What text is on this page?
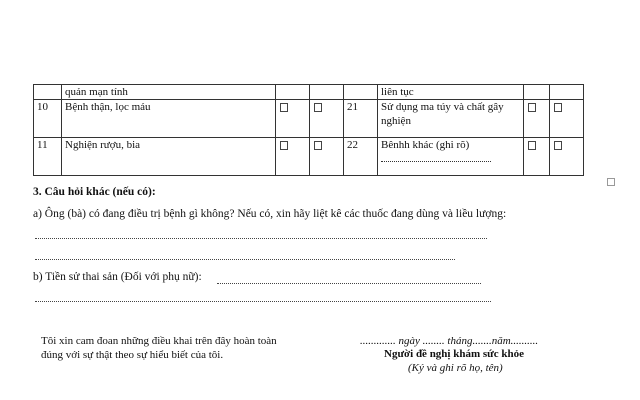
	quản mạn tính				liên tục		
10	Bệnh thận, lọc máu			21	Sử dụng ma túy và chất gây nghiện		
11	Nghiện rượu, bia			22	Bênhh khác (ghi rõ)

3. Câu hỏi khác (nếu có):
a) Ông (bà) có đang điều trị bệnh gì không? Nếu có, xin hãy liệt kê các thuốc đang dùng và liều lượng:
b) Tiền sử thai sản (Đối với phụ nữ):
Tôi xin cam đoan những điều khai trên đây hoàn toàn
đúng với sự thật theo sự hiểu biết của tôi.
............. ngày ........ tháng.......năm..........
Người đề nghị khám sức khỏe
(Ký và ghi rõ họ, tên)
